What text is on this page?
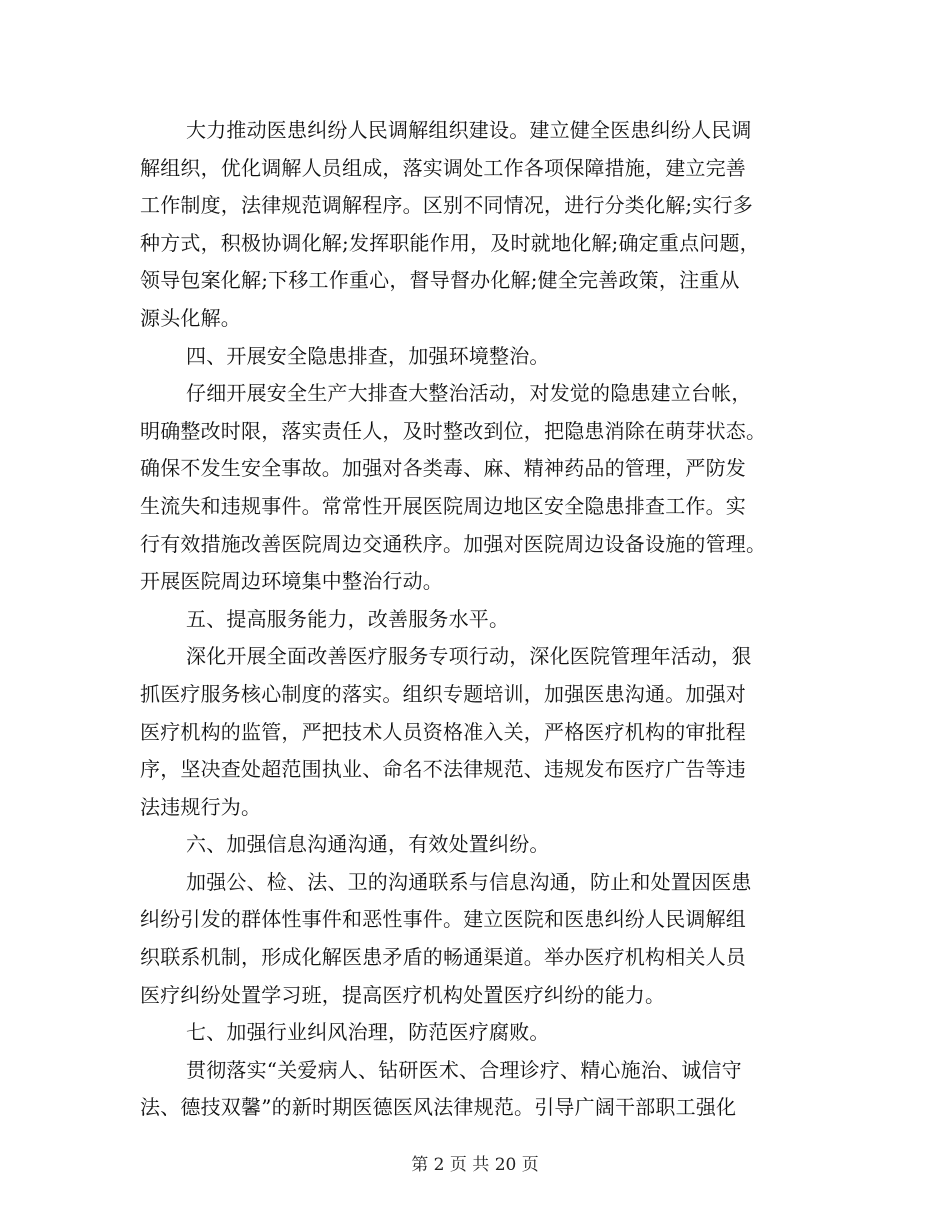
大力推动医患纠纷人民调解组织建设。建立健全医患纠纷人民调
解组织，优化调解人员组成，落实调处工作各项保障措施，建立完善
工作制度，法律规范调解程序。区别不同情况，进行分类化解;实行多
种方式，积极协调化解;发挥职能作用，及时就地化解;确定重点问题，
领导包案化解;下移工作重心，督导督办化解;健全完善政策，注重从
源头化解。
四、开展安全隐患排查，加强环境整治。
仔细开展安全生产大排查大整治活动，对发觉的隐患建立台帐，
明确整改时限，落实责任人，及时整改到位，把隐患消除在萌芽状态。
确保不发生安全事故。加强对各类毒、麻、精神药品的管理，严防发
生流失和违规事件。常常性开展医院周边地区安全隐患排查工作。实
行有效措施改善医院周边交通秩序。加强对医院周边设备设施的管理。
开展医院周边环境集中整治行动。
五、提高服务能力，改善服务水平。
深化开展全面改善医疗服务专项行动，深化医院管理年活动，狠
抓医疗服务核心制度的落实。组织专题培训，加强医患沟通。加强对
医疗机构的监管，严把技术人员资格准入关，严格医疗机构的审批程
序，坚决查处超范围执业、命名不法律规范、违规发布医疗广告等违
法违规行为。
六、加强信息沟通沟通，有效处置纠纷。
加强公、检、法、卫的沟通联系与信息沟通，防止和处置因医患
纠纷引发的群体性事件和恶性事件。建立医院和医患纠纷人民调解组
织联系机制，形成化解医患矛盾的畅通渠道。举办医疗机构相关人员
医疗纠纷处置学习班，提高医疗机构处置医疗纠纷的能力。
七、加强行业纠风治理，防范医疗腐败。
贯彻落实“关爱病人、钻研医术、合理诊疗、精心施治、诚信守
法、德技双馨”的新时期医德医风法律规范。引导广阔干部职工强化
第 2 页 共 20 页
